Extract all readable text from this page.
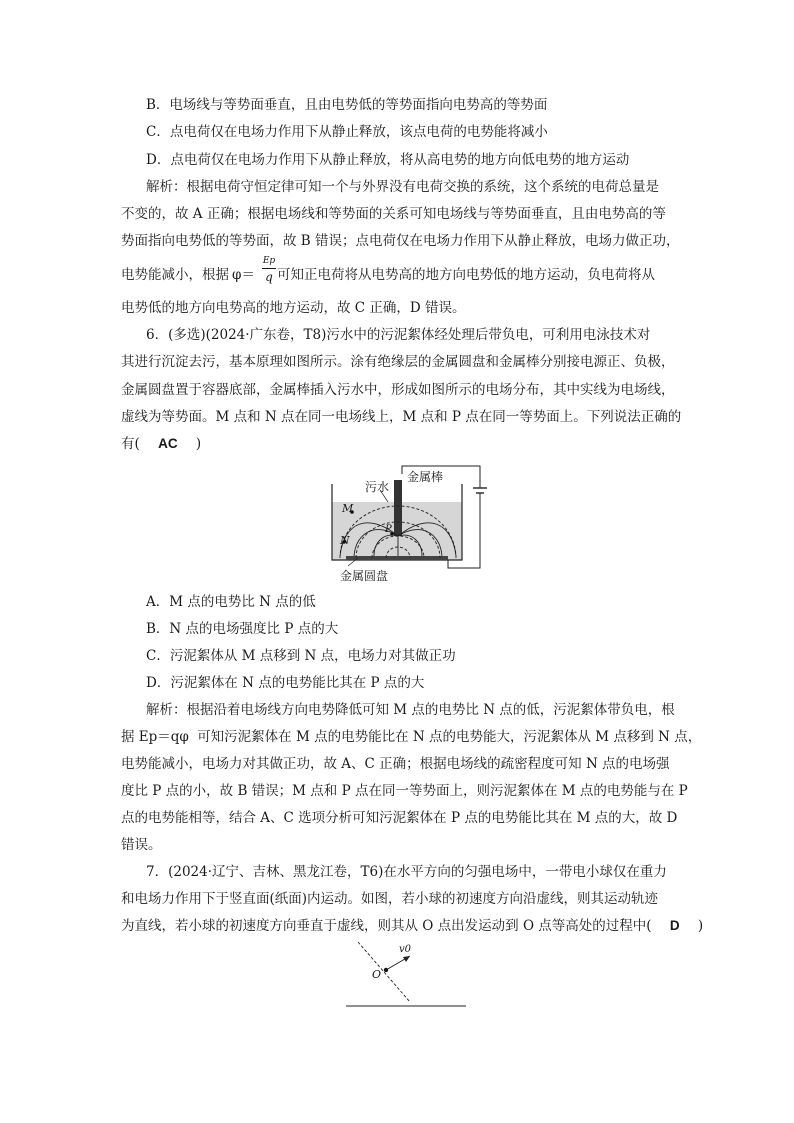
B．电场线与等势面垂直，且由电势低的等势面指向电势高的等势面
C．点电荷仅在电场力作用下从静止释放，该点电荷的电势能将减小
D．点电荷仅在电场力作用下从静止释放，将从高电势的地方向低电势的地方运动
解析：根据电荷守恒定律可知一个与外界没有电荷交换的系统，这个系统的电荷总量是
不变的，故 A 正确；根据电场线和等势面的关系可知电场线与等势面垂直，且由电势高的等
势面指向电势低的等势面，故 B 错误；点电荷仅在电场力作用下从静止释放，电场力做正功，
电势能减小，根据 φ＝
Ep
q 可知正电荷将从电势高的地方向电势低的地方运动，负电荷将从
电势低的地方向电势高的地方运动，故 C 正确，D 错误。
6．(多选)(2024·广东卷，T8)污水中的污泥絮体经处理后带负电，可利用电泳技术对
其进行沉淀去污，基本原理如图所示。涂有绝缘层的金属圆盘和金属棒分别接电源正、负极，
金属圆盘置于容器底部，金属棒插入污水中，形成如图所示的电场分布，其中实线为电场线，
虚线为等势面。M 点和 N 点在同一电场线上，M 点和 P 点在同一等势面上。下列说法正确的
有( AC )
污水
金属棒
金属圆盘
M
N
P
A．M 点的电势比 N 点的低
B．N 点的电场强度比 P 点的大
C．污泥絮体从 M 点移到 N 点，电场力对其做正功
D．污泥絮体在 N 点的电势能比其在 P 点的大
解析：根据沿着电场线方向电势降低可知 M 点的电势比 N 点的低，污泥絮体带负电，根
据 Ep＝qφ 可知污泥絮体在 M 点的电势能比在 N 点的电势能大，污泥絮体从 M 点移到 N 点，
电势能减小，电场力对其做正功，故 A、C 正确；根据电场线的疏密程度可知 N 点的电场强
度比 P 点的小，故 B 错误；M 点和 P 点在同一等势面上，则污泥絮体在 M 点的电势能与在 P
点的电势能相等，结合 A、C 选项分析可知污泥絮体在 P 点的电势能比其在 M 点的大，故 D
错误。
7．(2024·辽宁、吉林、黑龙江卷，T6)在水平方向的匀强电场中，一带电小球仅在重力
和电场力作用下于竖直面(纸面)内运动。如图，若小球的初速度方向沿虚线，则其运动轨迹
为直线，若小球的初速度方向垂直于虚线，则其从 O 点出发运动到 O 点等高处的过程中( D )
O
v0
